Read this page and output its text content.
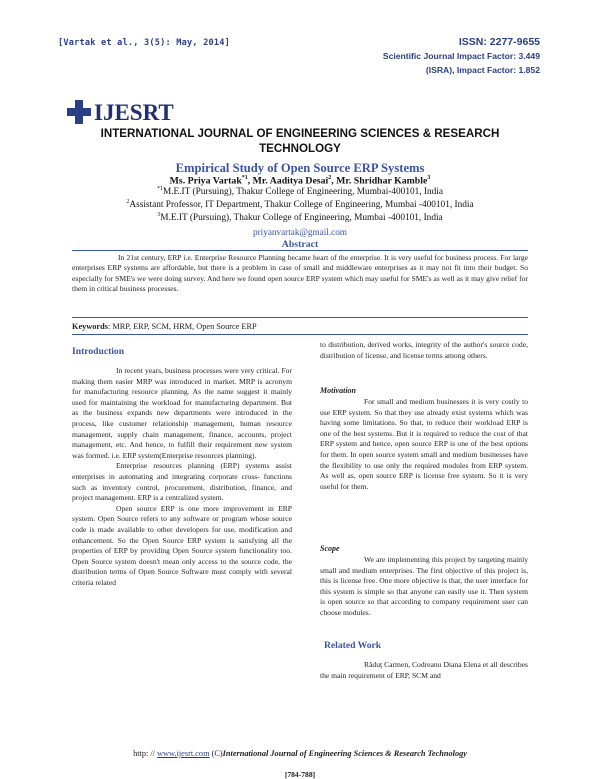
[Vartak et al., 3(5): May, 2014]	ISSN: 2277-9655
Scientific Journal Impact Factor: 3.449
(ISRA), Impact Factor: 1.852
IJESRT
INTERNATIONAL JOURNAL OF ENGINEERING SCIENCES & RESEARCH
TECHNOLOGY
Empirical Study of Open Source ERP Systems
Ms. Priya Vartak$^{*1}$, Mr. Aaditya Desai$^2$, Mr. Shridhar Kamble$^3$
$^{*1}$M.E.IT (Pursuing), Thakur College of Engineering, Mumbai-400101, India
$^2$Assistant Professor, IT Department, Thakur College of Engineering, Mumbai -400101, India
$^3$M.E.IT (Pursuing), Thakur College of Engineering, Mumbai -400101, India
priyanvartak@gmail.com
Abstract
In 21st century, ERP i.e. Enterprise Resource Planning became heart of the enterprise. It is very useful for business process. For large enterprises ERP systems are affordable, but there is a problem in case of small and middleware enterprises as it may not fit into their budget. So especially for SME's we were doing survey. And here we found open source ERP system which may useful for SME's as well as it may give relief for them in critical business processes.
Keywords: MRP, ERP, SCM, HRM, Open Source ERP
Introduction

In recent years, business processes were very critical. For making them easier MRP was introduced in market. MRP is acronym for manufacturing resource planning. As the name suggest it mainly used for maintaining the workload for manufacturing department. But as the business expands new departments were introduced in the process, like customer relationship management, human resource management, supply chain management, finance, accounts, project management, etc. And hence, to fulfill their requirement new system was formed. i.e. ERP system(Enterprise resources planning).

Enterprise resources planning (ERP) systems assist enterprises in automating and integrating corporate cross- functions such as inventory control, procurement, distribution, finance, and project management. ERP is a centralized system.

Open source ERP is one more improvement in ERP system. Open Source refers to any software or program whose source code is made available to other developers for use, modification and enhancement. So the Open Source ERP system is satisfying all the properties of ERP by providing Open Source system functionality too. Open Source system doesn't mean only access to the source code, the distribution terms of Open Source Software must comply with several criteria related

to distribution, derived works, integrity of the author's source code, distribution of license, and license terms among others.
Motivation

For small and medium businesses it is very costly to use ERP system. So that they use already exist systems which was having some limitations. So that, to reduce their workload ERP is one of the best systems. But it is required to reduce the cost of that ERP system and hence, open source ERP is one of the best options for them. In open source system small and medium businesses have the flexibility to use only the required modules from ERP system. As well as, open source ERP is license free system. So it is very useful for them.

Scope

We are implementing this project by targeting mainly small and medium enterprises. The first objective of this project is, this is license free. One more objective is that, the user interface for this system is simple so that anyone can easily use it. Then system is open source so that according to company requirement user can choose modules.

Related Work

Răduţ Carmen, Codreanu Diana Elena et all describes the main requirement of ERP, SCM and

http: // www.ijesrt.com (C)International Journal of Engineering Sciences & Research Technology
[784-788]
